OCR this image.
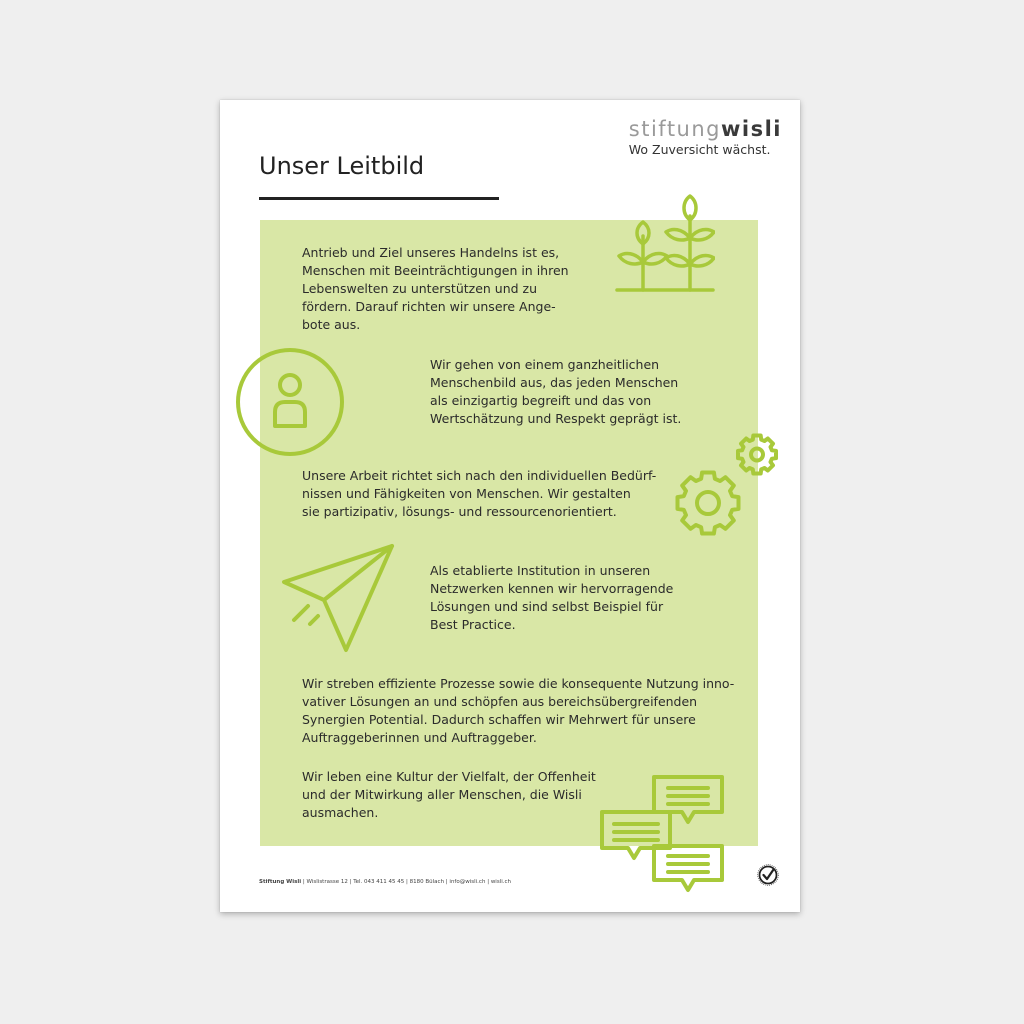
stiftungwisli
Wo Zuversicht wächst.
Unser Leitbild

Antrieb und Ziel unseres Handelns ist es,
Menschen mit Beeinträchtigungen in ihren
Lebenswelten zu unterstützen und zu
fördern. Darauf richten wir unsere Ange-
bote aus.

Wir gehen von einem ganzheitlichen
Menschenbild aus, das jeden Menschen
als einzigartig begreift und das von
Wertschätzung und Respekt geprägt ist.

Unsere Arbeit richtet sich nach den individuellen Bedürf-
nissen und Fähigkeiten von Menschen. Wir gestalten
sie partizipativ, lösungs- und ressourcenorientiert.

Als etablierte Institution in unseren
Netzwerken kennen wir hervorragende
Lösungen und sind selbst Beispiel für
Best Practice.

Wir streben effiziente Prozesse sowie die konsequente Nutzung inno-
vativer Lösungen an und schöpfen aus bereichsübergreifenden
Synergien Potential. Dadurch schaffen wir Mehrwert für unsere
Auftraggeberinnen und Auftraggeber.

Wir leben eine Kultur der Vielfalt, der Offenheit
und der Mitwirkung aller Menschen, die Wisli
ausmachen.

Stiftung Wisli | Wislistrasse 12 | Tel. 043 411 45 45 | 8180 Bülach | info@wisli.ch | wisli.ch
